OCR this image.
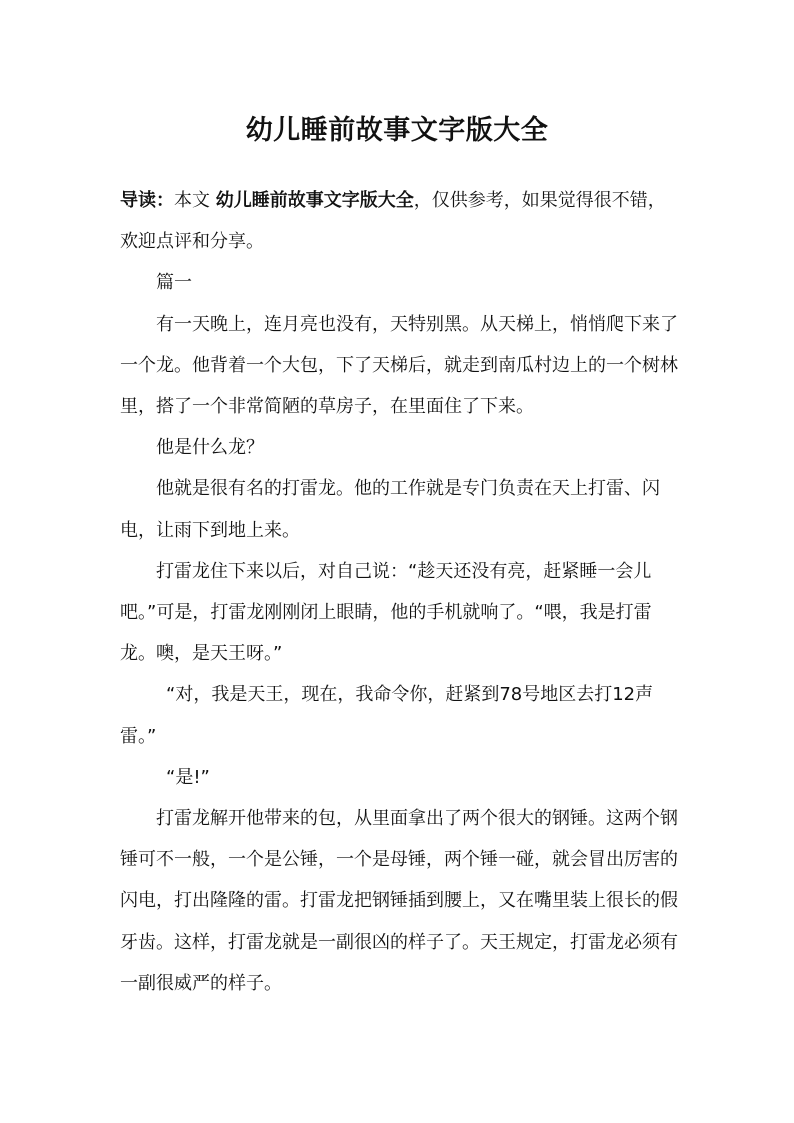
幼儿睡前故事文字版大全

导读：本文 幼儿睡前故事文字版大全，仅供参考，如果觉得很不错，欢迎点评和分享。

篇一

有一天晚上，连月亮也没有，天特别黑。从天梯上，悄悄爬下来了一个龙。他背着一个大包，下了天梯后，就走到南瓜村边上的一个树林里，搭了一个非常简陋的草房子，在里面住了下来。

他是什么龙？

他就是很有名的打雷龙。他的工作就是专门负责在天上打雷、闪电，让雨下到地上来。

打雷龙住下来以后，对自己说：“趁天还没有亮，赶紧睡一会儿吧。”可是，打雷龙刚刚闭上眼睛，他的手机就响了。“喂，我是打雷龙。噢，是天王呀。”

“对，我是天王，现在，我命令你，赶紧到78号地区去打12声雷。”

“是!”

打雷龙解开他带来的包，从里面拿出了两个很大的钢锤。这两个钢锤可不一般，一个是公锤，一个是母锤，两个锤一碰，就会冒出厉害的闪电，打出隆隆的雷。打雷龙把钢锤插到腰上，又在嘴里装上很长的假牙齿。这样，打雷龙就是一副很凶的样子了。天王规定，打雷龙必须有一副很威严的样子。
